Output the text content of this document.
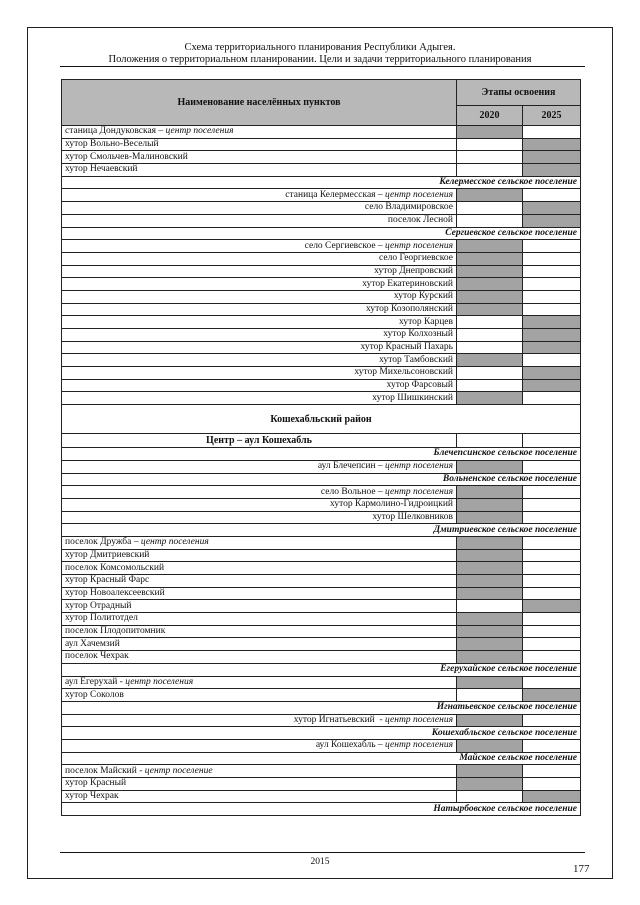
Схема территориального планирования Республики Адыгея.
Положения о территориальном планировании. Цели и задачи территориального планирования
Наименование населённых пунктов	Этапы освоения	
	2020	2025
станица Дондуковская – центр поселения		
хутор Вольно-Веселый		
хутор Смольчев-Малиновский		
хутор Нечаевский		
Келермесское сельское поселение		
станица Келермесская – центр поселения		
село Владимировское		
поселок Лесной		
Сергиевское сельское поселение		
село Сергиевское – центр поселения		
село Георгиевское		
хутор Днепровский		
хутор Екатериновский		
хутор Курский		
хутор Козополянский		
хутор Карцев		
хутор Колхозный		
хутор Красный Пахарь		
хутор Тамбовский		
хутор Михельсоновский		
хутор Фарсовый		
хутор Шишкинский		
Кошехабльский район		
Центр – аул Кошехабль		
Блечепсинское сельское поселение		
аул Блечепсин – центр поселения		
Вольненское сельское поселение		
село Вольное – центр поселения		
хутор Кармолино-Гидроицкий		
хутор Шелковников		
Дмитриевское сельское поселение		
поселок Дружба – центр поселения		
хутор Дмитриевский		
поселок Комсомольский		
хутор Красный Фарс		
хутор Новоалексеевский		
хутор Отрадный		
хутор Политотдел		
поселок Плодопитомник		
аул Хачемзий		
поселок Чехрак		
Егерухайское сельское поселение		
аул Егерухай - центр поселения		
хутор Соколов		
Игнатьевское сельское поселение		
хутор Игнатьевский  - центр поселения		
Кошехабльское сельское поселение		
аул Кошехабль – центр поселения		
Майское сельское поселение		
поселок Майский - центр поселение		
хутор Красный		
хутор Чехрак		
Натырбовское сельское поселение		
2015
177
